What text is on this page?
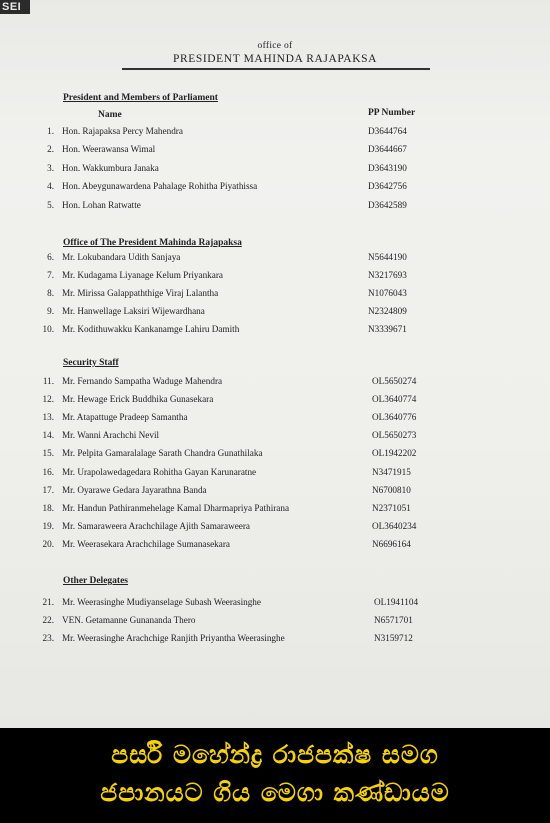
SEI
office of
PRESIDENT MAHINDA RAJAPAKSA
Name	PP Number
President and Members of Parliament
1. Hon. Rajapaksa Percy Mahendra	D3644764
2. Hon. Weerawansa Wimal	D3644667
3. Hon. Wakkumbura Janaka	D3643190
4. Hon. Abeygunawardena Pahalage Rohitha Piyathissa	D3642756
5. Hon. Lohan Ratwatte	D3642589
Office of The President Mahinda Rajapaksa
6. Mr. Lokubandara Udith Sanjaya	N5644190
7. Mr. Kudagama Liyanage Kelum Priyankara	N3217693
8. Mr. Mirissa Galappaththige Viraj Lalantha	N1076043
9. Mr. Hanwellage Laksiri Wijewardhana	N2324809
10. Mr. Kodithuwakku Kankanamge Lahiru Damith	N3339671
Security Staff
11. Mr. Fernando Sampatha Waduge Mahendra	OL5650274
12. Mr. Hewage Erick Buddhika Gunasekara	OL3640774
13. Mr. Atapattuge Pradeep Samantha	OL3640776
14. Mr. Wanni Arachchi Nevil	OL5650273
15. Mr. Pelpita Gamaralalage Sarath Chandra Gunathilaka	OL1942202
16. Mr. Urapolawedagedara Rohitha Gayan Karunaratne	N3471915
17. Mr. Oyarawe Gedara Jayarathna Banda	N6700810
18. Mr. Handun Pathiranmehelage Kamal Dharmapriya Pathirana	N2371051
19. Mr. Samaraweera Arachchilage Ajith Samaraweera	OL3640234
20. Mr. Weerasekara Arachchilage Sumanasekara	N6696164
Other Delegates
21. Mr. Weerasinghe Mudiyanselage Subash Weerasinghe	OL1941104
22. VEN. Getamanne Gunananda Thero	N6571701
23. Mr. Weerasinghe Arachchige Ranjith Priyantha Weerasinghe	N3159712
පර්සි මහේන්ද්‍ර රාජපක්ෂ සමග
ජපානයට ගිය මෙගා කණ්ඩායම
